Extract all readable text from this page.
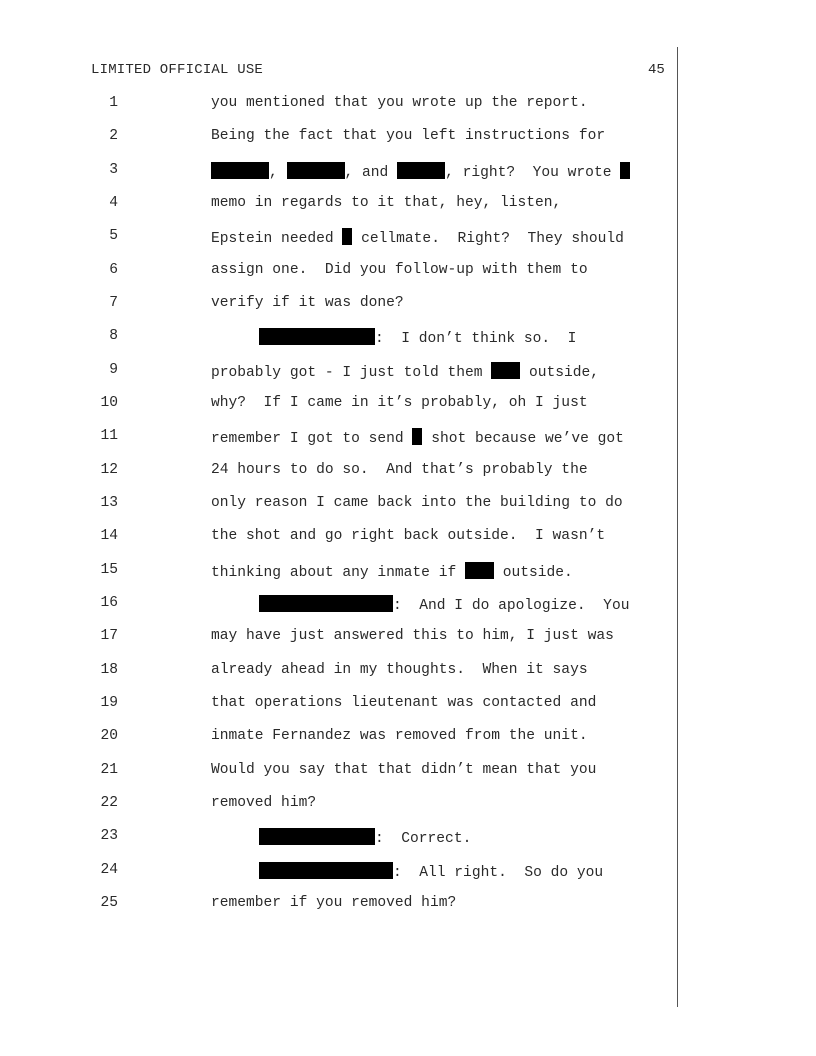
LIMITED OFFICIAL USE	45

1

	you mentioned that you wrote up the report.

2

	Being the fact that you left instructions for

3

	,	, and	, right?  You wrote

4

	memo in regards to it that, hey, listen,

5

	Epstein needed  cellmate.  Right?  They should

6

	assign one.  Did you follow-up with them to

7

	verify if it was done?

8

	:  I don’t think so.  I

9

	probably got - I just told them  outside,

10

	why?  If I came in it’s probably, oh I just

11

	remember I got to send  shot because we’ve got

12

	24 hours to do so.  And that’s probably the

13

	only reason I came back into the building to do

14

	the shot and go right back outside.  I wasn’t

15

	thinking about any inmate if  outside.

16

	:  And I do apologize.  You

17

	may have just answered this to him, I just was

18

	already ahead in my thoughts.  When it says

19

	that operations lieutenant was contacted and

20

	inmate Fernandez was removed from the unit.

21

	Would you say that that didn’t mean that you

22

	removed him?

23

	:  Correct.

24

	:  All right.  So do you

25

	remember if you removed him?
